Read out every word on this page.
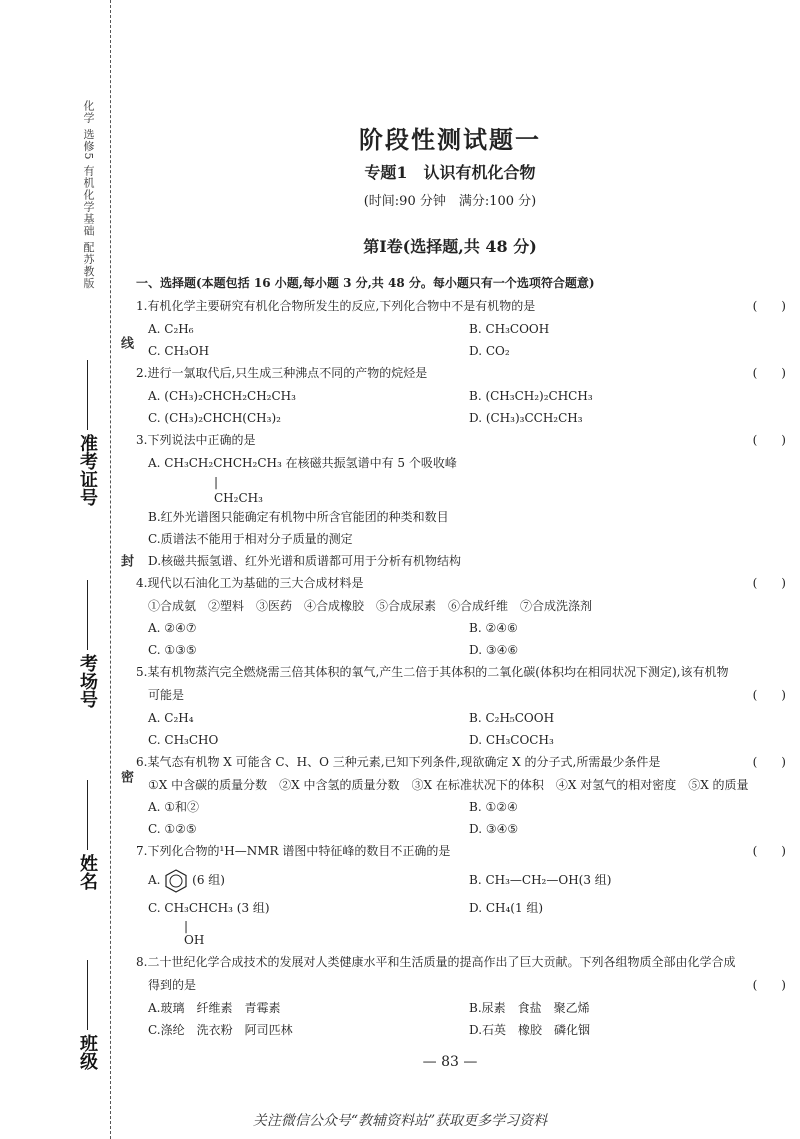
化学 选修5 有机化学基础 配苏教版
线
封
密
准考证号
考场号
姓名
班级
阶段性测试题一
专题1　认识有机化合物
(时间:90 分钟　满分:100 分)
第Ⅰ卷(选择题,共 48 分)
一、选择题(本题包括 16 小题,每小题 3 分,共 48 分。每小题只有一个选项符合题意)
1.有机化学主要研究有机化合物所发生的反应,下列化合物中不是有机物的是	(　　)
A. C₂H₆	B. CH₃COOH
C. CH₃OH	D. CO₂
2.进行一氯取代后,只生成三种沸点不同的产物的烷烃是	(　　)
A. (CH₃)₂CHCH₂CH₂CH₃	B. (CH₃CH₂)₂CHCH₃
C. (CH₃)₂CHCH(CH₃)₂	D. (CH₃)₃CCH₂CH₃
3.下列说法中正确的是	(　　)
A. CH₃CH₂CHCH₂CH₃ 在核磁共振氢谱中有 5 个吸收峰
|
CH₂CH₃
B.红外光谱图只能确定有机物中所含官能团的种类和数目
C.质谱法不能用于相对分子质量的测定
D.核磁共振氢谱、红外光谱和质谱都可用于分析有机物结构
4.现代以石油化工为基础的三大合成材料是	(　　)
①合成氨　②塑料　③医药　④合成橡胶　⑤合成尿素　⑥合成纤维　⑦合成洗涤剂
A. ②④⑦	B. ②④⑥
C. ①③⑤	D. ③④⑥
5.某有机物蒸汽完全燃烧需三倍其体积的氧气,产生二倍于其体积的二氧化碳(体积均在相同状况下测定),该有机物
可能是	(　　)
A. C₂H₄	B. C₂H₅COOH
C. CH₃CHO	D. CH₃COCH₃
6.某气态有机物 X 可能含 C、H、O 三种元素,已知下列条件,现欲确定 X 的分子式,所需最少条件是	(　　)
①X 中含碳的质量分数　②X 中含氢的质量分数　③X 在标准状况下的体积　④X 对氢气的相对密度　⑤X 的质量
A. ①和②	B. ①②④
C. ①②⑤	D. ③④⑤
7.下列化合物的¹H—NMR 谱图中特征峰的数目不正确的是	(　　)
A.	(6 组)	B. CH₃—CH₂—OH(3 组)
C. CH₃CHCH₃ (3 组)	D. CH₄(1 组)
|
OH
8.二十世纪化学合成技术的发展对人类健康水平和生活质量的提高作出了巨大贡献。下列各组物质全部由化学合成
得到的是	(　　)
A.玻璃　纤维素　青霉素	B.尿素　食盐　聚乙烯
C.涤纶　洗衣粉　阿司匹林	D.石英　橡胶　磷化铟
— 83 —
关注微信公众号“教辅资料站”获取更多学习资料
